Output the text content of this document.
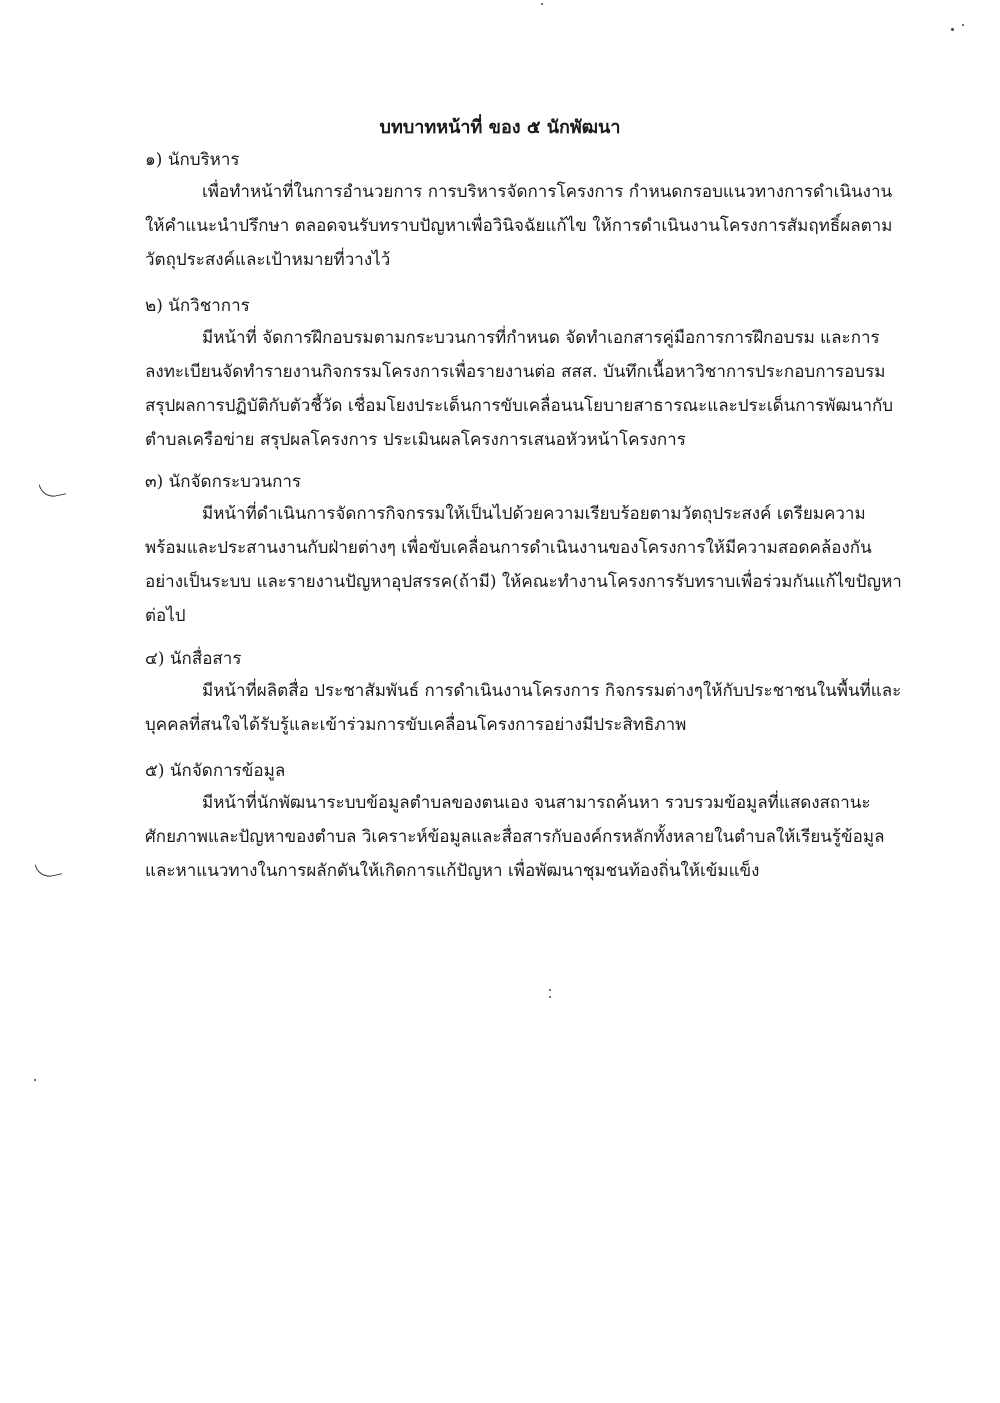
บทบาทหน้าที่ ของ ๕ นักพัฒนา

๑) นักบริหาร

เพื่อทำหน้าที่ในการอำนวยการ การบริหารจัดการโครงการ กำหนดกรอบแนวทางการดำเนินงาน
ให้คำแนะนำปรึกษา ตลอดจนรับทราบปัญหาเพื่อวินิจฉัยแก้ไข ให้การดำเนินงานโครงการสัมฤทธิ์ผลตาม
วัตถุประสงค์และเป้าหมายที่วางไว้

๒) นักวิชาการ

มีหน้าที่ จัดการฝึกอบรมตามกระบวนการที่กำหนด จัดทำเอกสารคู่มือการการฝึกอบรม และการ
ลงทะเบียนจัดทำรายงานกิจกรรมโครงการเพื่อรายงานต่อ สสส. บันทึกเนื้อหาวิชาการประกอบการอบรม
สรุปผลการปฏิบัติกับตัวชี้วัด เชื่อมโยงประเด็นการขับเคลื่อนนโยบายสาธารณะและประเด็นการพัฒนากับ
ตำบลเครือข่าย สรุปผลโครงการ ประเมินผลโครงการเสนอหัวหน้าโครงการ

๓) นักจัดกระบวนการ

มีหน้าที่ดำเนินการจัดการกิจกรรมให้เป็นไปด้วยความเรียบร้อยตามวัตถุประสงค์ เตรียมความ
พร้อมและประสานงานกับฝ่ายต่างๆ เพื่อขับเคลื่อนการดำเนินงานของโครงการให้มีความสอดคล้องกัน
อย่างเป็นระบบ และรายงานปัญหาอุปสรรค(ถ้ามี) ให้คณะทำงานโครงการรับทราบเพื่อร่วมกันแก้ไขปัญหา
ต่อไป

๔) นักสื่อสาร

มีหน้าที่ผลิตสื่อ ประชาสัมพันธ์ การดำเนินงานโครงการ กิจกรรมต่างๆให้กับประชาชนในพื้นที่และ
บุคคลที่สนใจได้รับรู้และเข้าร่วมการขับเคลื่อนโครงการอย่างมีประสิทธิภาพ

๕) นักจัดการข้อมูล

มีหน้าที่นักพัฒนาระบบข้อมูลตำบลของตนเอง จนสามารถค้นหา รวบรวมข้อมูลที่แสดงสถานะ
ศักยภาพและปัญหาของตำบล วิเคราะห์ข้อมูลและสื่อสารกับองค์กรหลักทั้งหลายในตำบลให้เรียนรู้ข้อมูล
และหาแนวทางในการผลักดันให้เกิดการแก้ปัญหา เพื่อพัฒนาชุมชนท้องถิ่นให้เข้มแข็ง
